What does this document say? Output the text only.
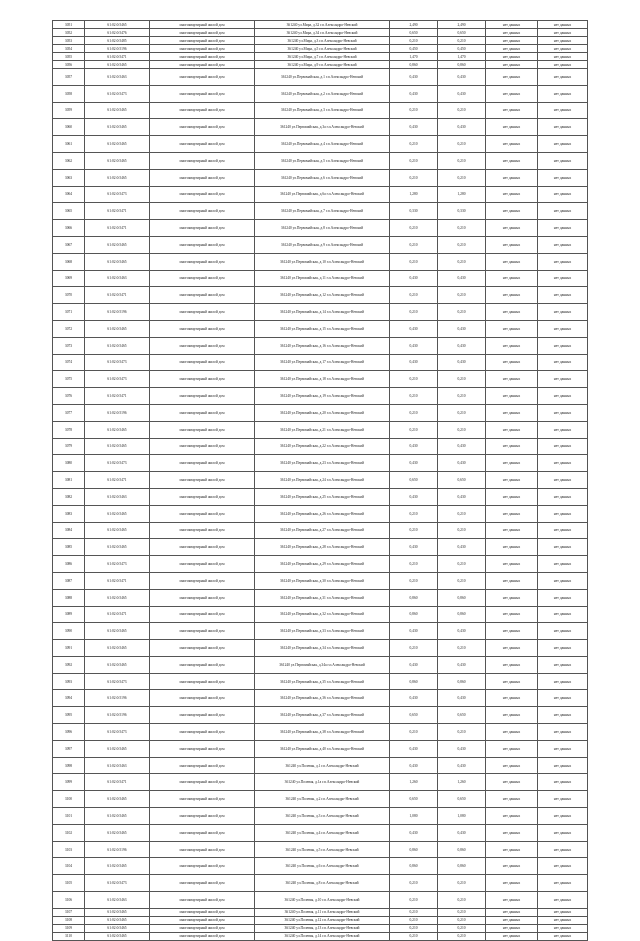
3051	61:02:0:5465	многоквартирный жилой дом	361240 ул.Мира, д.32 г.п.Александро-Невский	2,490	2,490	нет данных	нет данных
3052	61:02:0:5476	многоквартирный жилой дом	361240 ул.Мира, д.34 г.п.Александро-Невский	0,650	0,650	нет данных	нет данных
3053	61:02:0:5485	многоквартирный жилой дом	361240 ул.Мира, д.3 г.п.Александро-Невский	0,210	0,210	нет данных	нет данных
3054	61:02:0:5196	многоквартирный жилой дом	361240 ул.Мира, д.5 г.п.Александро-Невский	0,450	0,450	нет данных	нет данных
3055	61:02:0:5471	многоквартирный жилой дом	361240 ул.Мира, д.7 г.п.Александро-Невский	1,470	1,470	нет данных	нет данных
3056	61:02:0:5465	многоквартирный жилой дом	361240 ул.Мира, д.9 г.п.Александро-Невский	0,860	0,860	нет данных	нет данных
3057	61:02:0:5463	многоквартирный жилой дом	361240 ул.Первомайская, д.1 г.п.Александро-Невский	0,430	0,430	нет данных	нет данных
3058	61:02:0:5473	многоквартирный жилой дом	361240 ул.Первомайская, д.2 г.п.Александро-Невский	0,430	0,430	нет данных	нет данных
3059	61:02:0:5465	многоквартирный жилой дом	361240 ул.Первомайская, д.3 г.п.Александро-Невский	0,210	0,210	нет данных	нет данных
3060	61:02:0:5465	многоквартирный жилой дом	361240 ул.Первомайская, д.3а г.п.Александро-Невский	0,430	0,430	нет данных	нет данных
3061	61:02:0:5465	многоквартирный жилой дом	361240 ул.Первомайская, д.4 г.п.Александро-Невский	0,210	0,210	нет данных	нет данных
3062	61:02:0:5465	многоквартирный жилой дом	361240 ул.Первомайская, д.5 г.п.Александро-Невский	0,210	0,210	нет данных	нет данных
3063	61:02:0:5465	многоквартирный жилой дом	361240 ул.Первомайская, д.6 г.п.Александро-Невский	0,210	0,210	нет данных	нет данных
3064	61:02:0:5473	многоквартирный жилой дом	361240 ул.Первомайская, д.6а г.п.Александро-Невский	1,280	1,280	нет данных	нет данных
3065	61:02:0:5471	многоквартирный жилой дом	361240 ул.Первомайская, д.7 г.п.Александро-Невский	0,330	0,330	нет данных	нет данных
3066	61:02:0:5471	многоквартирный жилой дом	361240 ул.Первомайская, д.8 г.п.Александро-Невский	0,210	0,210	нет данных	нет данных
3067	61:02:0:5465	многоквартирный жилой дом	361240 ул.Первомайская, д.9 г.п.Александро-Невский	0,210	0,210	нет данных	нет данных
3068	61:02:0:5465	многоквартирный жилой дом	361240 ул.Первомайская, д.10 г.п.Александро-Невский	0,210	0,210	нет данных	нет данных
3069	61:02:0:5463	многоквартирный жилой дом	361240 ул.Первомайская, д.11 г.п.Александро-Невский	0,430	0,430	нет данных	нет данных
3070	61:02:0:5471	многоквартирный жилой дом	361240 ул.Первомайская, д.12 г.п.Александро-Невский	0,210	0,210	нет данных	нет данных
3071	61:02:0:5196	многоквартирный жилой дом	361240 ул.Первомайская, д.14 г.п.Александро-Невский	0,210	0,210	нет данных	нет данных
3072	61:02:0:5465	многоквартирный жилой дом	361240 ул.Первомайская, д.15 г.п.Александро-Невский	0,430	0,430	нет данных	нет данных
3073	61:02:0:5465	многоквартирный жилой дом	361240 ул.Первомайская, д.16 г.п.Александро-Невский	0,430	0,430	нет данных	нет данных
3074	61:02:0:5473	многоквартирный жилой дом	361240 ул.Первомайская, д.17 г.п.Александро-Невский	0,430	0,430	нет данных	нет данных
3075	61:02:0:5473	многоквартирный жилой дом	361240 ул.Первомайская, д.18 г.п.Александро-Невский	0,210	0,210	нет данных	нет данных
3076	61:02:0:5471	многоквартирный жилой дом	361240 ул.Первомайская, д.19 г.п.Александро-Невский	0,210	0,210	нет данных	нет данных
3077	61:02:0:5196	многоквартирный жилой дом	361240 ул.Первомайская, д.20 г.п.Александро-Невский	0,210	0,210	нет данных	нет данных
3078	61:02:0:5465	многоквартирный жилой дом	361240 ул.Первомайская, д.21 г.п.Александро-Невский	0,210	0,210	нет данных	нет данных
3079	61:02:0:5465	многоквартирный жилой дом	361240 ул.Первомайская, д.22 г.п.Александро-Невский	0,430	0,430	нет данных	нет данных
3080	61:02:0:5473	многоквартирный жилой дом	361240 ул.Первомайская, д.23 г.п.Александро-Невский	0,430	0,430	нет данных	нет данных
3081	61:02:0:5471	многоквартирный жилой дом	361240 ул.Первомайская, д.24 г.п.Александро-Невский	0,650	0,650	нет данных	нет данных
3082	61:02:0:5463	многоквартирный жилой дом	361240 ул.Первомайская, д.25 г.п.Александро-Невский	0,430	0,430	нет данных	нет данных
3083	61:02:0:5465	многоквартирный жилой дом	361240 ул.Первомайская, д.26 г.п.Александро-Невский	0,210	0,210	нет данных	нет данных
3084	61:02:0:5465	многоквартирный жилой дом	361240 ул.Первомайская, д.27 г.п.Александро-Невский	0,210	0,210	нет данных	нет данных
3085	61:02:0:5465	многоквартирный жилой дом	361240 ул.Первомайская, д.28 г.п.Александро-Невский	0,430	0,430	нет данных	нет данных
3086	61:02:0:5473	многоквартирный жилой дом	361240 ул.Первомайская, д.29 г.п.Александро-Невский	0,210	0,210	нет данных	нет данных
3087	61:02:0:5471	многоквартирный жилой дом	361240 ул.Первомайская, д.30 г.п.Александро-Невский	0,210	0,210	нет данных	нет данных
3088	61:02:0:5465	многоквартирный жилой дом	361240 ул.Первомайская, д.31 г.п.Александро-Невский	0,860	0,860	нет данных	нет данных
3089	61:02:0:5471	многоквартирный жилой дом	361240 ул.Первомайская, д.32 г.п.Александро-Невский	0,860	0,860	нет данных	нет данных
3090	61:02:0:5465	многоквартирный жилой дом	361240 ул.Первомайская, д.33 г.п.Александро-Невский	0,430	0,430	нет данных	нет данных
3091	61:02:0:5465	многоквартирный жилой дом	361240 ул.Первомайская, д.34 г.п.Александро-Невский	0,210	0,210	нет данных	нет данных
3092	61:02:0:5465	многоквартирный жилой дом	361240 ул.Первомайская, д.34а г.п.Александро-Невский	0,430	0,430	нет данных	нет данных
3093	61:02:0:5473	многоквартирный жилой дом	361240 ул.Первомайская, д.35 г.п.Александро-Невский	0,860	0,860	нет данных	нет данных
3094	61:02:0:5196	многоквартирный жилой дом	361240 ул.Первомайская, д.36 г.п.Александро-Невский	0,430	0,430	нет данных	нет данных
3095	61:02:0:5196	многоквартирный жилой дом	361240 ул.Первомайская, д.37 г.п.Александро-Невский	0,650	0,650	нет данных	нет данных
3096	61:02:0:5473	многоквартирный жилой дом	361240 ул.Первомайская, д.38 г.п.Александро-Невский	0,210	0,210	нет данных	нет данных
3097	61:02:0:5465	многоквартирный жилой дом	361240 ул.Первомайская, д.40 г.п.Александро-Невский	0,430	0,430	нет данных	нет данных
3098	61:02:0:5463	многоквартирный жилой дом	361240 ул.Полевая, д.1 г.п.Александро-Невский	0,430	0,430	нет данных	нет данных
3099	61:02:0:5471	многоквартирный жилой дом	361240 ул.Полевая, д.1а г.п.Александро-Невский	1,260	1,260	нет данных	нет данных
3100	61:02:0:5465	многоквартирный жилой дом	361240 ул.Полевая, д.2 г.п.Александро-Невский	0,650	0,650	нет данных	нет данных
3101	61:02:0:5465	многоквартирный жилой дом	361240 ул.Полевая, д.3 г.п.Александро-Невский	1,080	1,080	нет данных	нет данных
3102	61:02:0:5465	многоквартирный жилой дом	361240 ул.Полевая, д.4 г.п.Александро-Невский	0,430	0,430	нет данных	нет данных
3103	61:02:0:5196	многоквартирный жилой дом	361240 ул.Полевая, д.5 г.п.Александро-Невский	0,860	0,860	нет данных	нет данных
3104	61:02:0:5465	многоквартирный жилой дом	361240 ул.Полевая, д.6 г.п.Александро-Невский	0,860	0,860	нет данных	нет данных
3105	61:02:0:5473	многоквартирный жилой дом	361240 ул.Полевая, д.8 г.п.Александро-Невский	0,210	0,210	нет данных	нет данных
3106	61:02:0:5463	многоквартирный жилой дом	361240 ул.Полевая, д.10 г.п.Александро-Невский	0,210	0,210	нет данных	нет данных
3107	61:02:0:5465	многоквартирный жилой дом	361240 ул.Полевая, д.11 г.п.Александро-Невский	0,210	0,210	нет данных	нет данных
3108	61:02:0:5465	многоквартирный жилой дом	361240 ул.Полевая, д.12 г.п.Александро-Невский	0,210	0,210	нет данных	нет данных
3109	61:02:0:5465	многоквартирный жилой дом	361240 ул.Полевая, д.13 г.п.Александро-Невский	0,210	0,210	нет данных	нет данных
3110	61:02:0:5465	многоквартирный жилой дом	361240 ул.Полевая, д.14 г.п.Александро-Невский	0,210	0,210	нет данных	нет данных
